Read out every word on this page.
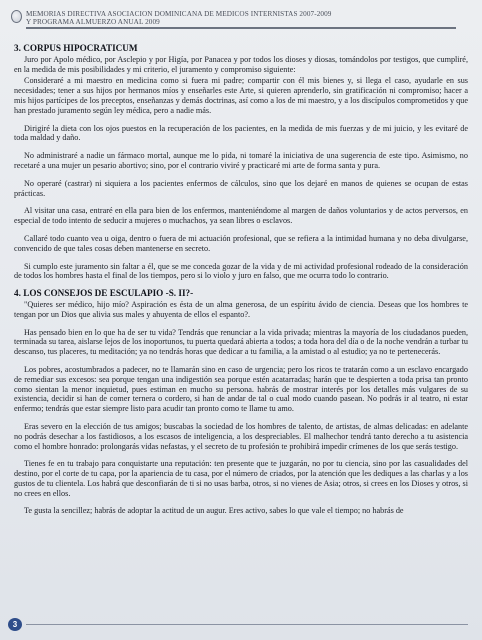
MEMORIAS DIRECTIVA ASOCIACION DOMINICANA DE MEDICOS INTERNISTAS 2007-2009
Y PROGRAMA ALMUERZO ANUAL 2009
3. CORPUS HIPOCRATICUM

Juro por Apolo médico, por Asclepio y por Higía, por Panacea y por todos los dioses y diosas, tomándolos por testigos, que cumpliré, en la medida de mis posibilidades y mi criterio, el juramento y compromiso siguiente:

Consideraré a mi maestro en medicina como si fuera mi padre; compartir con él mis bienes y, si llega el caso, ayudarle en sus necesidades; tener a sus hijos por hermanos míos y enseñarles este Arte, si quieren aprenderlo, sin gratificación ni compromiso; hacer a mis hijos partícipes de los preceptos, enseñanzas y demás doctrinas, así como a los de mi maestro, y a los discípulos comprometidos y que han prestado juramento según ley médica, pero a nadie más.

Dirigiré la dieta con los ojos puestos en la recuperación de los pacientes, en la medida de mis fuerzas y de mi juicio, y les evitaré de toda maldad y daño.

No administraré a nadie un fármaco mortal, aunque me lo pida, ni tomaré la iniciativa de una sugerencia de este tipo. Asimismo, no recetaré a una mujer un pesario abortivo; sino, por el contrario viviré y practicaré mi arte de forma santa y pura.

No operaré (castrar) ni siquiera a los pacientes enfermos de cálculos, sino que los dejaré en manos de quienes se ocupan de estas prácticas.

Al visitar una casa, entraré en ella para bien de los enfermos, manteniéndome al margen de daños voluntarios y de actos perversos, en especial de todo intento de seducir a mujeres o muchachos, ya sean libres o esclavos.

Callaré todo cuanto vea u oiga, dentro o fuera de mi actuación profesional, que se refiera a la intimidad humana y no deba divulgarse, convencido de que tales cosas deben mantenerse en secreto.

Si cumplo este juramento sin faltar a él, que se me conceda gozar de la vida y de mi actividad profesional rodeado de la consideración de todos los hombres hasta el final de los tiempos, pero si lo violo y juro en falso, que me ocurra todo lo contrario.

4. LOS CONSEJOS DE ESCULAPIO -S. II?-

"Quieres ser médico, hijo mío? Aspiración es ésta de un alma generosa, de un espíritu ávido de ciencia. Deseas que los hombres te tengan por un Dios que alivia sus males y ahuyenta de ellos el espanto?.

Has pensado bien en lo que ha de ser tu vida? Tendrás que renunciar a la vida privada; mientras la mayoría de los ciudadanos pueden, terminada su tarea, aislarse lejos de los inoportunos, tu puerta quedará abierta a todos; a toda hora del día o de la noche vendrán a turbar tu descanso, tus placeres, tu meditación; ya no tendrás horas que dedicar a tu familia, a la amistad o al estudio; ya no te pertenecerás.

Los pobres, acostumbrados a padecer, no te llamarán sino en caso de urgencia; pero los ricos te tratarán como a un esclavo encargado de remediar sus excesos: sea porque tengan una indigestión sea porque estén acatarradas; harán que te despierten a toda prisa tan pronto como sientan la menor inquietud, pues estiman en mucho su persona. habrás de mostrar interés por los detalles más vulgares de su existencia, decidir si han de comer ternera o cordero, si han de andar de tal o cual modo cuando pasean. No podrás ir al teatro, ni estar enfermo; tendrás que estar siempre listo para acudir tan pronto como te llame tu amo.

Eras severo en la elección de tus amigos; buscabas la sociedad de los hombres de talento, de artistas, de almas delicadas: en adelante no podrás desechar a los fastidiosos, a los escasos de inteligencia, a los despreciables. El malhechor tendrá tanto derecho a tu asistencia como el hombre honrado: prolongarás vidas nefastas, y el secreto de tu profesión te prohibirá impedir crímenes de los que serás testigo.

Tienes fe en tu trabajo para conquistarte una reputación: ten presente que te juzgarán, no por tu ciencia, sino por las casualidades del destino, por el corte de tu capa, por la apariencia de tu casa, por el número de criados, por la atención que les dediques a las charlas y a los gustos de tu clientela. Los habrá que desconfiarán de ti si no usas barba, otros, si no vienes de Asia; otros, si crees en los Dioses y otros, si no crees en ellos.

Te gusta la sencillez; habrás de adoptar la actitud de un augur. Eres activo, sabes lo que vale el tiempo; no habrás de

3
